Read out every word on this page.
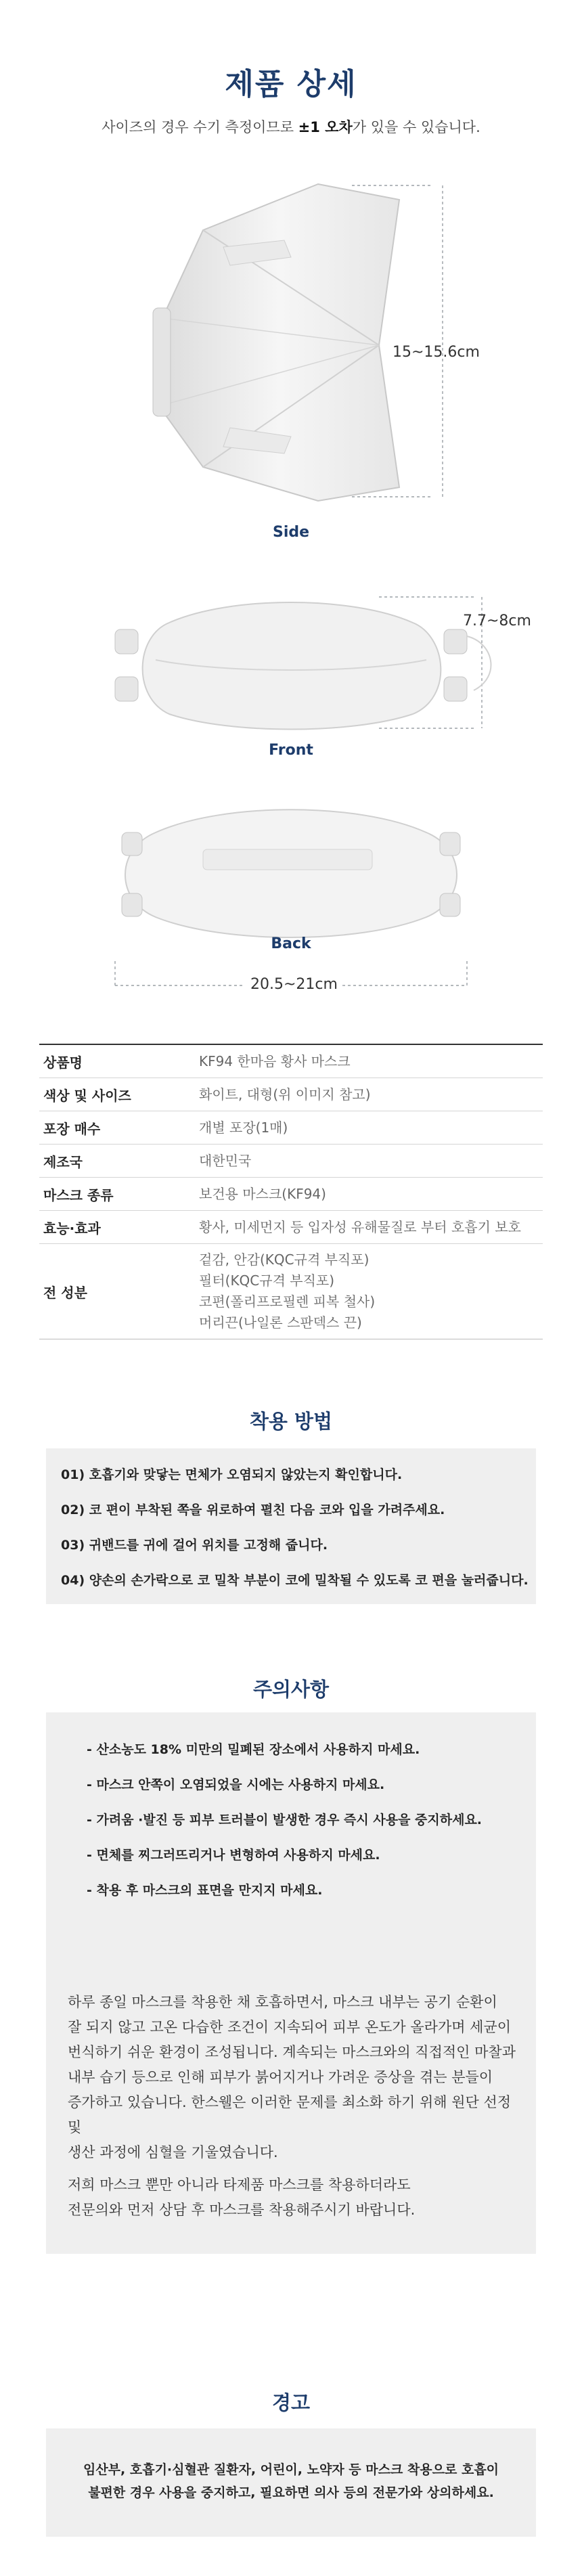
제품 상세
사이즈의 경우 수기 측정이므로 ±1 오차가 있을 수 있습니다.
15~15.6cm
Side
7.7~8cm
Front
Back
20.5~21cm
상품명	KF94 한마음 황사 마스크
색상 및 사이즈	화이트, 대형(위 이미지 참고)
포장 매수	개별 포장(1매)
제조국	대한민국
마스크 종류	보건용 마스크(KF94)
효능·효과	황사, 미세먼지 등 입자성 유해물질로 부터 호흡기 보호
전 성분
겉감, 안감(KQC규격 부직포)
필터(KQC규격 부직포)
코편(폴리프로필렌 피복 철사)
머리끈(나일론 스판덱스 끈)
착용 방법
01) 호흡기와 맞닿는 면체가 오염되지 않았는지 확인합니다.
02) 코 편이 부착된 쪽을 위로하여 펼친 다음 코와 입을 가려주세요.
03) 귀밴드를 귀에 걸어 위치를 고정해 줍니다.
04) 양손의 손가락으로 코 밀착 부분이 코에 밀착될 수 있도록 코 편을 눌러줍니다.
주의사항
- 산소농도 18% 미만의 밀폐된 장소에서 사용하지 마세요.
- 마스크 안쪽이 오염되었을 시에는 사용하지 마세요.
- 가려움 ·발진 등 피부 트러블이 발생한 경우 즉시 사용을 중지하세요.
- 면체를 찌그러뜨리거나 변형하여 사용하지 마세요.
- 착용 후 마스크의 표면을 만지지 마세요.
하루 종일 마스크를 착용한 채 호흡하면서, 마스크 내부는 공기 순환이
잘 되지 않고 고온 다습한 조건이 지속되어 피부 온도가 올라가며 세균이
번식하기 쉬운 환경이 조성됩니다. 계속되는 마스크와의 직접적인 마찰과
내부 습기 등으로 인해 피부가 붉어지거나 가려운 증상을 겪는 분들이
증가하고 있습니다. 한스웰은 이러한 문제를 최소화 하기 위해 원단 선정 및
생산 과정에 심혈을 기울였습니다.
저희 마스크 뿐만 아니라 타제품 마스크를 착용하더라도
전문의와 먼저 상담 후 마스크를 착용해주시기 바랍니다.
경고
임산부, 호흡기·심혈관 질환자, 어린이, 노약자 등 마스크 착용으로 호흡이
불편한 경우 사용을 중지하고, 필요하면 의사 등의 전문가와 상의하세요.
